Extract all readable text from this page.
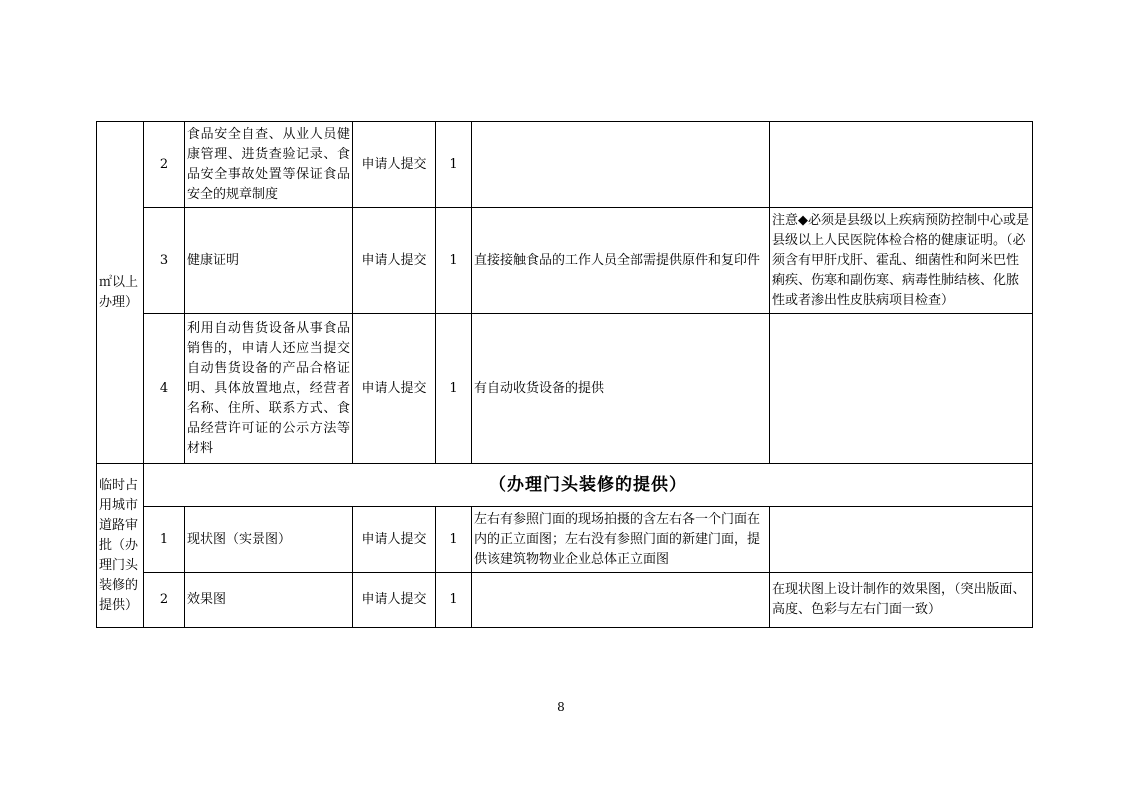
㎡以上办理）	2	食品安全自查、从业人员健康管理、进货查验记录、食品安全事故处置等保证食品安全的规章制度	申请人提交	1		
	3	健康证明	申请人提交	1	直接接触食品的工作人员全部需提供原件和复印件	注意◆必须是县级以上疾病预防控制中心或是县级以上人民医院体检合格的健康证明。（必须含有甲肝戊肝、霍乱、细菌性和阿米巴性痢疾、伤寒和副伤寒、病毒性肺结核、化脓性或者渗出性皮肤病项目检查）
	4	利用自动售货设备从事食品销售的，申请人还应当提交自动售货设备的产品合格证明、具体放置地点，经营者名称、住所、联系方式、食品经营许可证的公示方法等材料	申请人提交	1	有自动收货设备的提供	
临时占用城市道路审批（办理门头装修的提供）	（办理门头装修的提供）					
	1	现状图（实景图）	申请人提交	1	左右有参照门面的现场拍摄的含左右各一个门面在内的正立面图；左右没有参照门面的新建门面，提供该建筑物物业企业总体正立面图	
	2	效果图	申请人提交	1		在现状图上设计制作的效果图，（突出版面、高度、色彩与左右门面一致）
8
